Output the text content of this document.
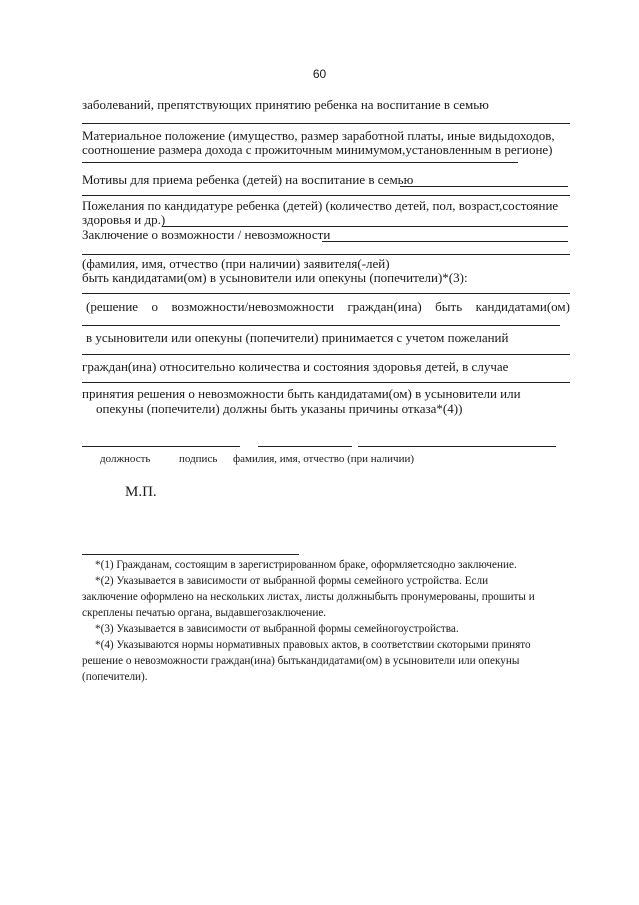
60
заболеваний, препятствующих принятию ребенка на воспитание в семью
Материальное положение (имущество, размер заработной платы, иные видыдоходов,
соотношение размера дохода с прожиточным минимумом,установленным в регионе)
Мотивы для приема ребенка (детей) на воспитание в семью
Пожелания по кандидатуре ребенка (детей) (количество детей, пол, возраст,состояние
здоровья и др.)
Заключение о возможности / невозможности
(фамилия, имя, отчество (при наличии) заявителя(-лей)
быть кандидатами(ом) в усыновители или опекуны (попечители)*(3):
(решение о возможности/невозможности граждан(ина) быть кандидатами(ом)
в усыновители или опекуны (попечители) принимается с учетом пожеланий
граждан(ина) относительно количества и состояния здоровья детей, в случае
принятия решения о невозможности быть кандидатами(ом) в усыновители или
опекуны (попечители) должны быть указаны причины отказа*(4))
должность	подпись фамилия, имя, отчество (при наличии)
М.П.
*(1) Гражданам, состоящим в зарегистрированном браке, оформляетсяодно заключение.
*(2) Указывается в зависимости от выбранной формы семейного устройства. Если
заключение оформлено на нескольких листах, листы должныбыть пронумерованы, прошиты и
скреплены печатью органа, выдавшегозаключение.
*(3) Указывается в зависимости от выбранной формы семейногоустройства.
*(4) Указываются нормы нормативных правовых актов, в соответствии скоторыми принято
решение о невозможности граждан(ина) бытькандидатами(ом) в усыновители или опекуны
(попечители).
